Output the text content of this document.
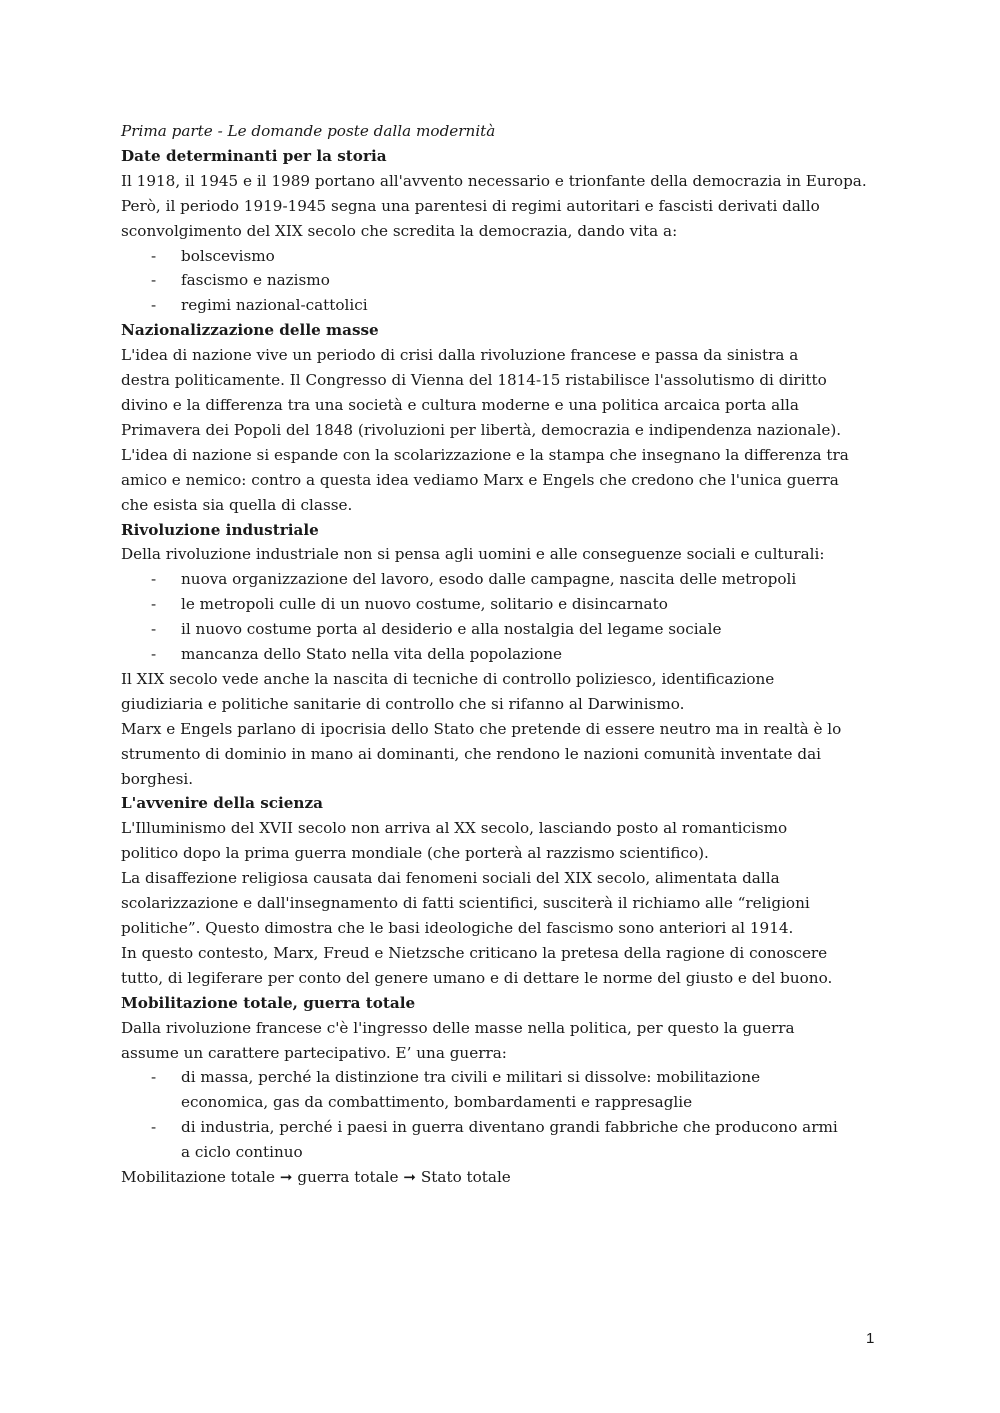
Prima parte - Le domande poste dalla modernità
Date determinanti per la storia
Il 1918, il 1945 e il 1989 portano all'avvento necessario e trionfante della democrazia in Europa.
Però, il periodo 1919-1945 segna una parentesi di regimi autoritari e fascisti derivati dallo
sconvolgimento del XIX secolo che scredita la democrazia, dando vita a:
- bolscevismo
- fascismo e nazismo
- regimi nazional-cattolici
Nazionalizzazione delle masse
L'idea di nazione vive un periodo di crisi dalla rivoluzione francese e passa da sinistra a
destra politicamente. Il Congresso di Vienna del 1814-15 ristabilisce l'assolutismo di diritto
divino e la differenza tra una società e cultura moderne e una politica arcaica porta alla
Primavera dei Popoli del 1848 (rivoluzioni per libertà, democrazia e indipendenza nazionale).
L'idea di nazione si espande con la scolarizzazione e la stampa che insegnano la differenza tra
amico e nemico: contro a questa idea vediamo Marx e Engels che credono che l'unica guerra
che esista sia quella di classe.
Rivoluzione industriale
Della rivoluzione industriale non si pensa agli uomini e alle conseguenze sociali e culturali:
- nuova organizzazione del lavoro, esodo dalle campagne, nascita delle metropoli
- le metropoli culle di un nuovo costume, solitario e disincarnato
- il nuovo costume porta al desiderio e alla nostalgia del legame sociale
- mancanza dello Stato nella vita della popolazione
Il XIX secolo vede anche la nascita di tecniche di controllo poliziesco, identificazione
giudiziaria e politiche sanitarie di controllo che si rifanno al Darwinismo.
Marx e Engels parlano di ipocrisia dello Stato che pretende di essere neutro ma in realtà è lo
strumento di dominio in mano ai dominanti, che rendono le nazioni comunità inventate dai
borghesi.
L'avvenire della scienza
L'Illuminismo del XVII secolo non arriva al XX secolo, lasciando posto al romanticismo
politico dopo la prima guerra mondiale (che porterà al razzismo scientifico).
La disaffezione religiosa causata dai fenomeni sociali del XIX secolo, alimentata dalla
scolarizzazione e dall'insegnamento di fatti scientifici, susciterà il richiamo alle “religioni
politiche”. Questo dimostra che le basi ideologiche del fascismo sono anteriori al 1914.
In questo contesto, Marx, Freud e Nietzsche criticano la pretesa della ragione di conoscere
tutto, di legiferare per conto del genere umano e di dettare le norme del giusto e del buono.
Mobilitazione totale, guerra totale
Dalla rivoluzione francese c'è l'ingresso delle masse nella politica, per questo la guerra
assume un carattere partecipativo. E’ una guerra:
- di massa, perché la distinzione tra civili e militari si dissolve: mobilitazione
economica, gas da combattimento, bombardamenti e rappresaglie
- di industria, perché i paesi in guerra diventano grandi fabbriche che producono armi
a ciclo continuo
Mobilitazione totale ➞ guerra totale ➞ Stato totale
1
